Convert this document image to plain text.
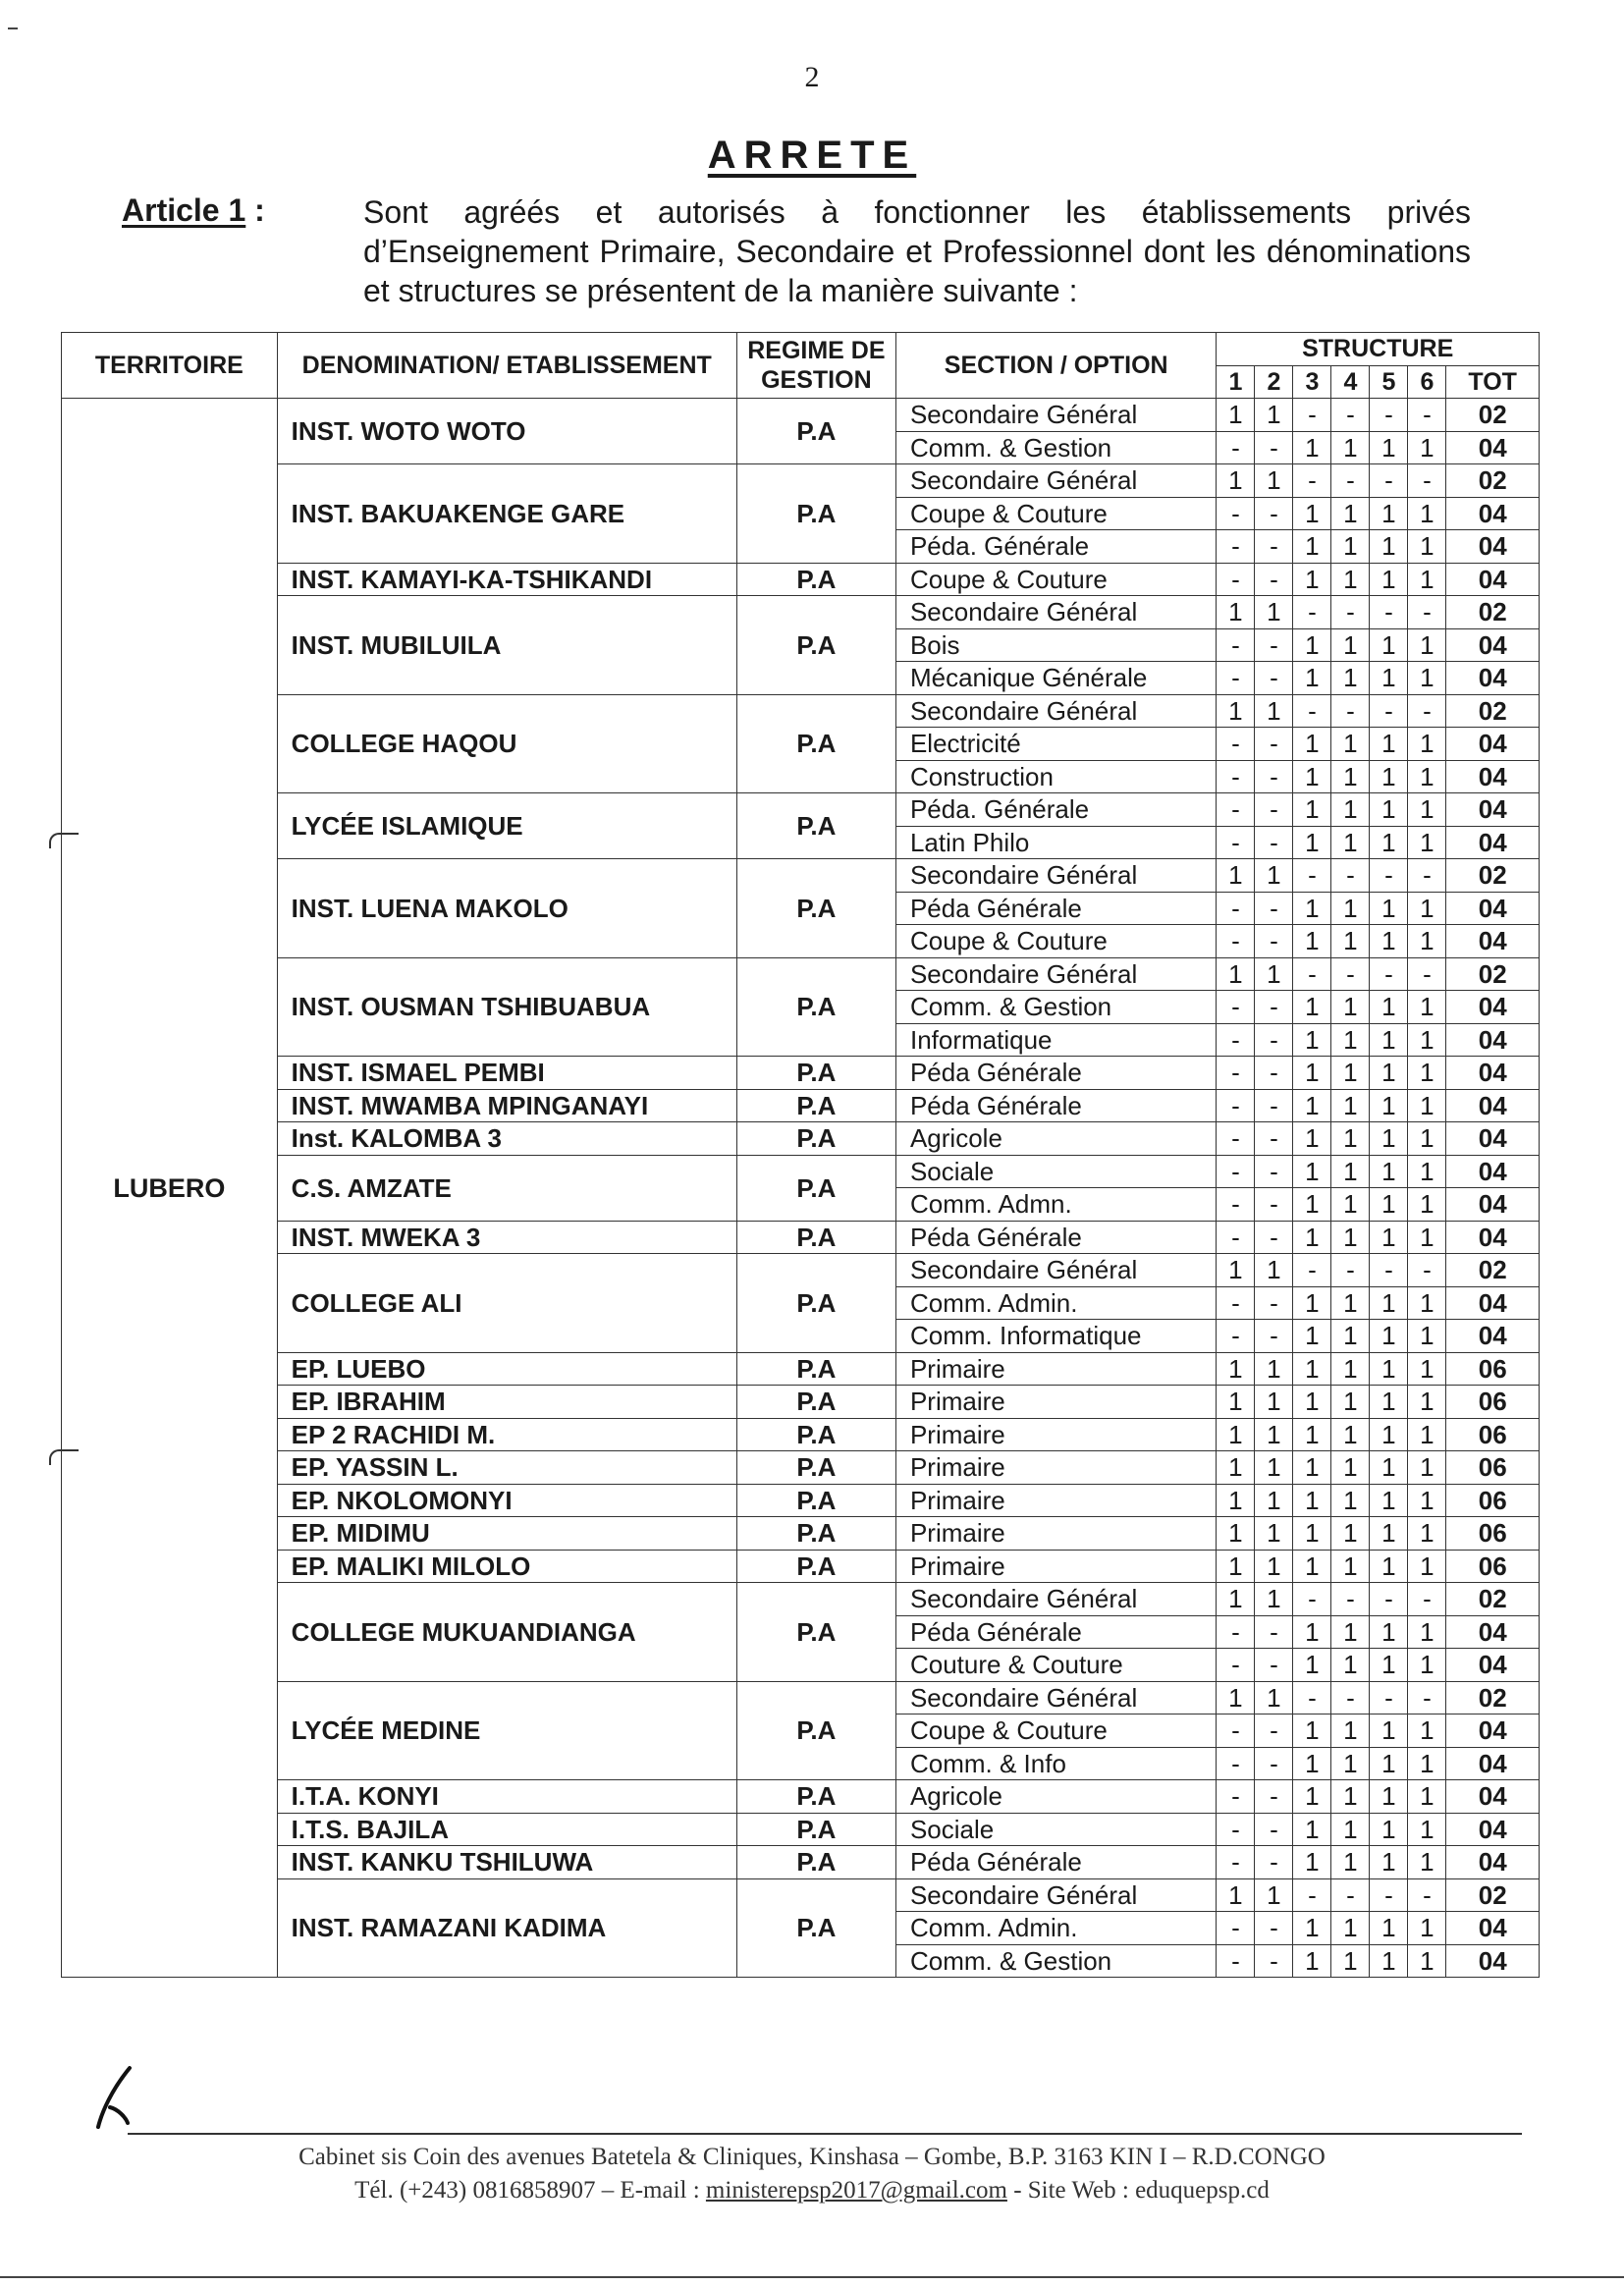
2
ARRETE
Article 1 :	Sont agréés et autorisés à fonctionner les établissements privés d’Enseignement Primaire, Secondaire et Professionnel dont les dénominations et structures se présentent de la manière suivante :
TERRITOIRE	DENOMINATION/ ETABLISSEMENT	REGIME DE GESTION	SECTION / OPTION	STRUCTURE						
				1	2	3	4	5	6	TOT
LUBERO	INST. WOTO WOTO	P.A	Secondaire Général	1	1	-	-	-	-	02
			Comm. & Gestion	-	-	1	1	1	1	04
	INST. BAKUAKENGE GARE	P.A	Secondaire Général	1	1	-	-	-	-	02
			Coupe & Couture	-	-	1	1	1	1	04
			Péda. Générale	-	-	1	1	1	1	04
	INST. KAMAYI-KA-TSHIKANDI	P.A	Coupe & Couture	-	-	1	1	1	1	04
	INST. MUBILUILA	P.A	Secondaire Général	1	1	-	-	-	-	02
			Bois	-	-	1	1	1	1	04
			Mécanique Générale	-	-	1	1	1	1	04
	COLLEGE HAQOU	P.A	Secondaire Général	1	1	-	-	-	-	02
			Electricité	-	-	1	1	1	1	04
			Construction	-	-	1	1	1	1	04
	LYCÉE ISLAMIQUE	P.A	Péda. Générale	-	-	1	1	1	1	04
			Latin Philo	-	-	1	1	1	1	04
	INST. LUENA MAKOLO	P.A	Secondaire Général	1	1	-	-	-	-	02
			Péda Générale	-	-	1	1	1	1	04
			Coupe & Couture	-	-	1	1	1	1	04
	INST. OUSMAN TSHIBUABUA	P.A	Secondaire Général	1	1	-	-	-	-	02
			Comm. & Gestion	-	-	1	1	1	1	04
			Informatique	-	-	1	1	1	1	04
	INST. ISMAEL PEMBI	P.A	Péda Générale	-	-	1	1	1	1	04
	INST. MWAMBA MPINGANAYI	P.A	Péda Générale	-	-	1	1	1	1	04
	Inst. KALOMBA 3	P.A	Agricole	-	-	1	1	1	1	04
	C.S. AMZATE	P.A	Sociale	-	-	1	1	1	1	04
			Comm. Admn.	-	-	1	1	1	1	04
	INST. MWEKA 3	P.A	Péda Générale	-	-	1	1	1	1	04
	COLLEGE ALI	P.A	Secondaire Général	1	1	-	-	-	-	02
			Comm. Admin.	-	-	1	1	1	1	04
			Comm. Informatique	-	-	1	1	1	1	04
	EP. LUEBO	P.A	Primaire	1	1	1	1	1	1	06
	EP. IBRAHIM	P.A	Primaire	1	1	1	1	1	1	06
	EP 2 RACHIDI M.	P.A	Primaire	1	1	1	1	1	1	06
	EP. YASSIN L.	P.A	Primaire	1	1	1	1	1	1	06
	EP. NKOLOMONYI	P.A	Primaire	1	1	1	1	1	1	06
	EP. MIDIMU	P.A	Primaire	1	1	1	1	1	1	06
	EP. MALIKI MILOLO	P.A	Primaire	1	1	1	1	1	1	06
	COLLEGE MUKUANDIANGA	P.A	Secondaire Général	1	1	-	-	-	-	02
			Péda Générale	-	-	1	1	1	1	04
			Couture & Couture	-	-	1	1	1	1	04
	LYCÉE MEDINE	P.A	Secondaire Général	1	1	-	-	-	-	02
			Coupe & Couture	-	-	1	1	1	1	04
			Comm. & Info	-	-	1	1	1	1	04
	I.T.A. KONYI	P.A	Agricole	-	-	1	1	1	1	04
	I.T.S. BAJILA	P.A	Sociale	-	-	1	1	1	1	04
	INST. KANKU TSHILUWA	P.A	Péda Générale	-	-	1	1	1	1	04
	INST. RAMAZANI KADIMA	P.A	Secondaire Général	1	1	-	-	-	-	02
			Comm. Admin.	-	-	1	1	1	1	04
			Comm. & Gestion	-	-	1	1	1	1	04
Cabinet sis Coin des avenues Batetela & Cliniques, Kinshasa – Gombe, B.P. 3163 KIN I – R.D.CONGO
Tél. (+243) 0816858907 – E-mail : ministerepsp2017@gmail.com - Site Web : eduquepsp.cd
